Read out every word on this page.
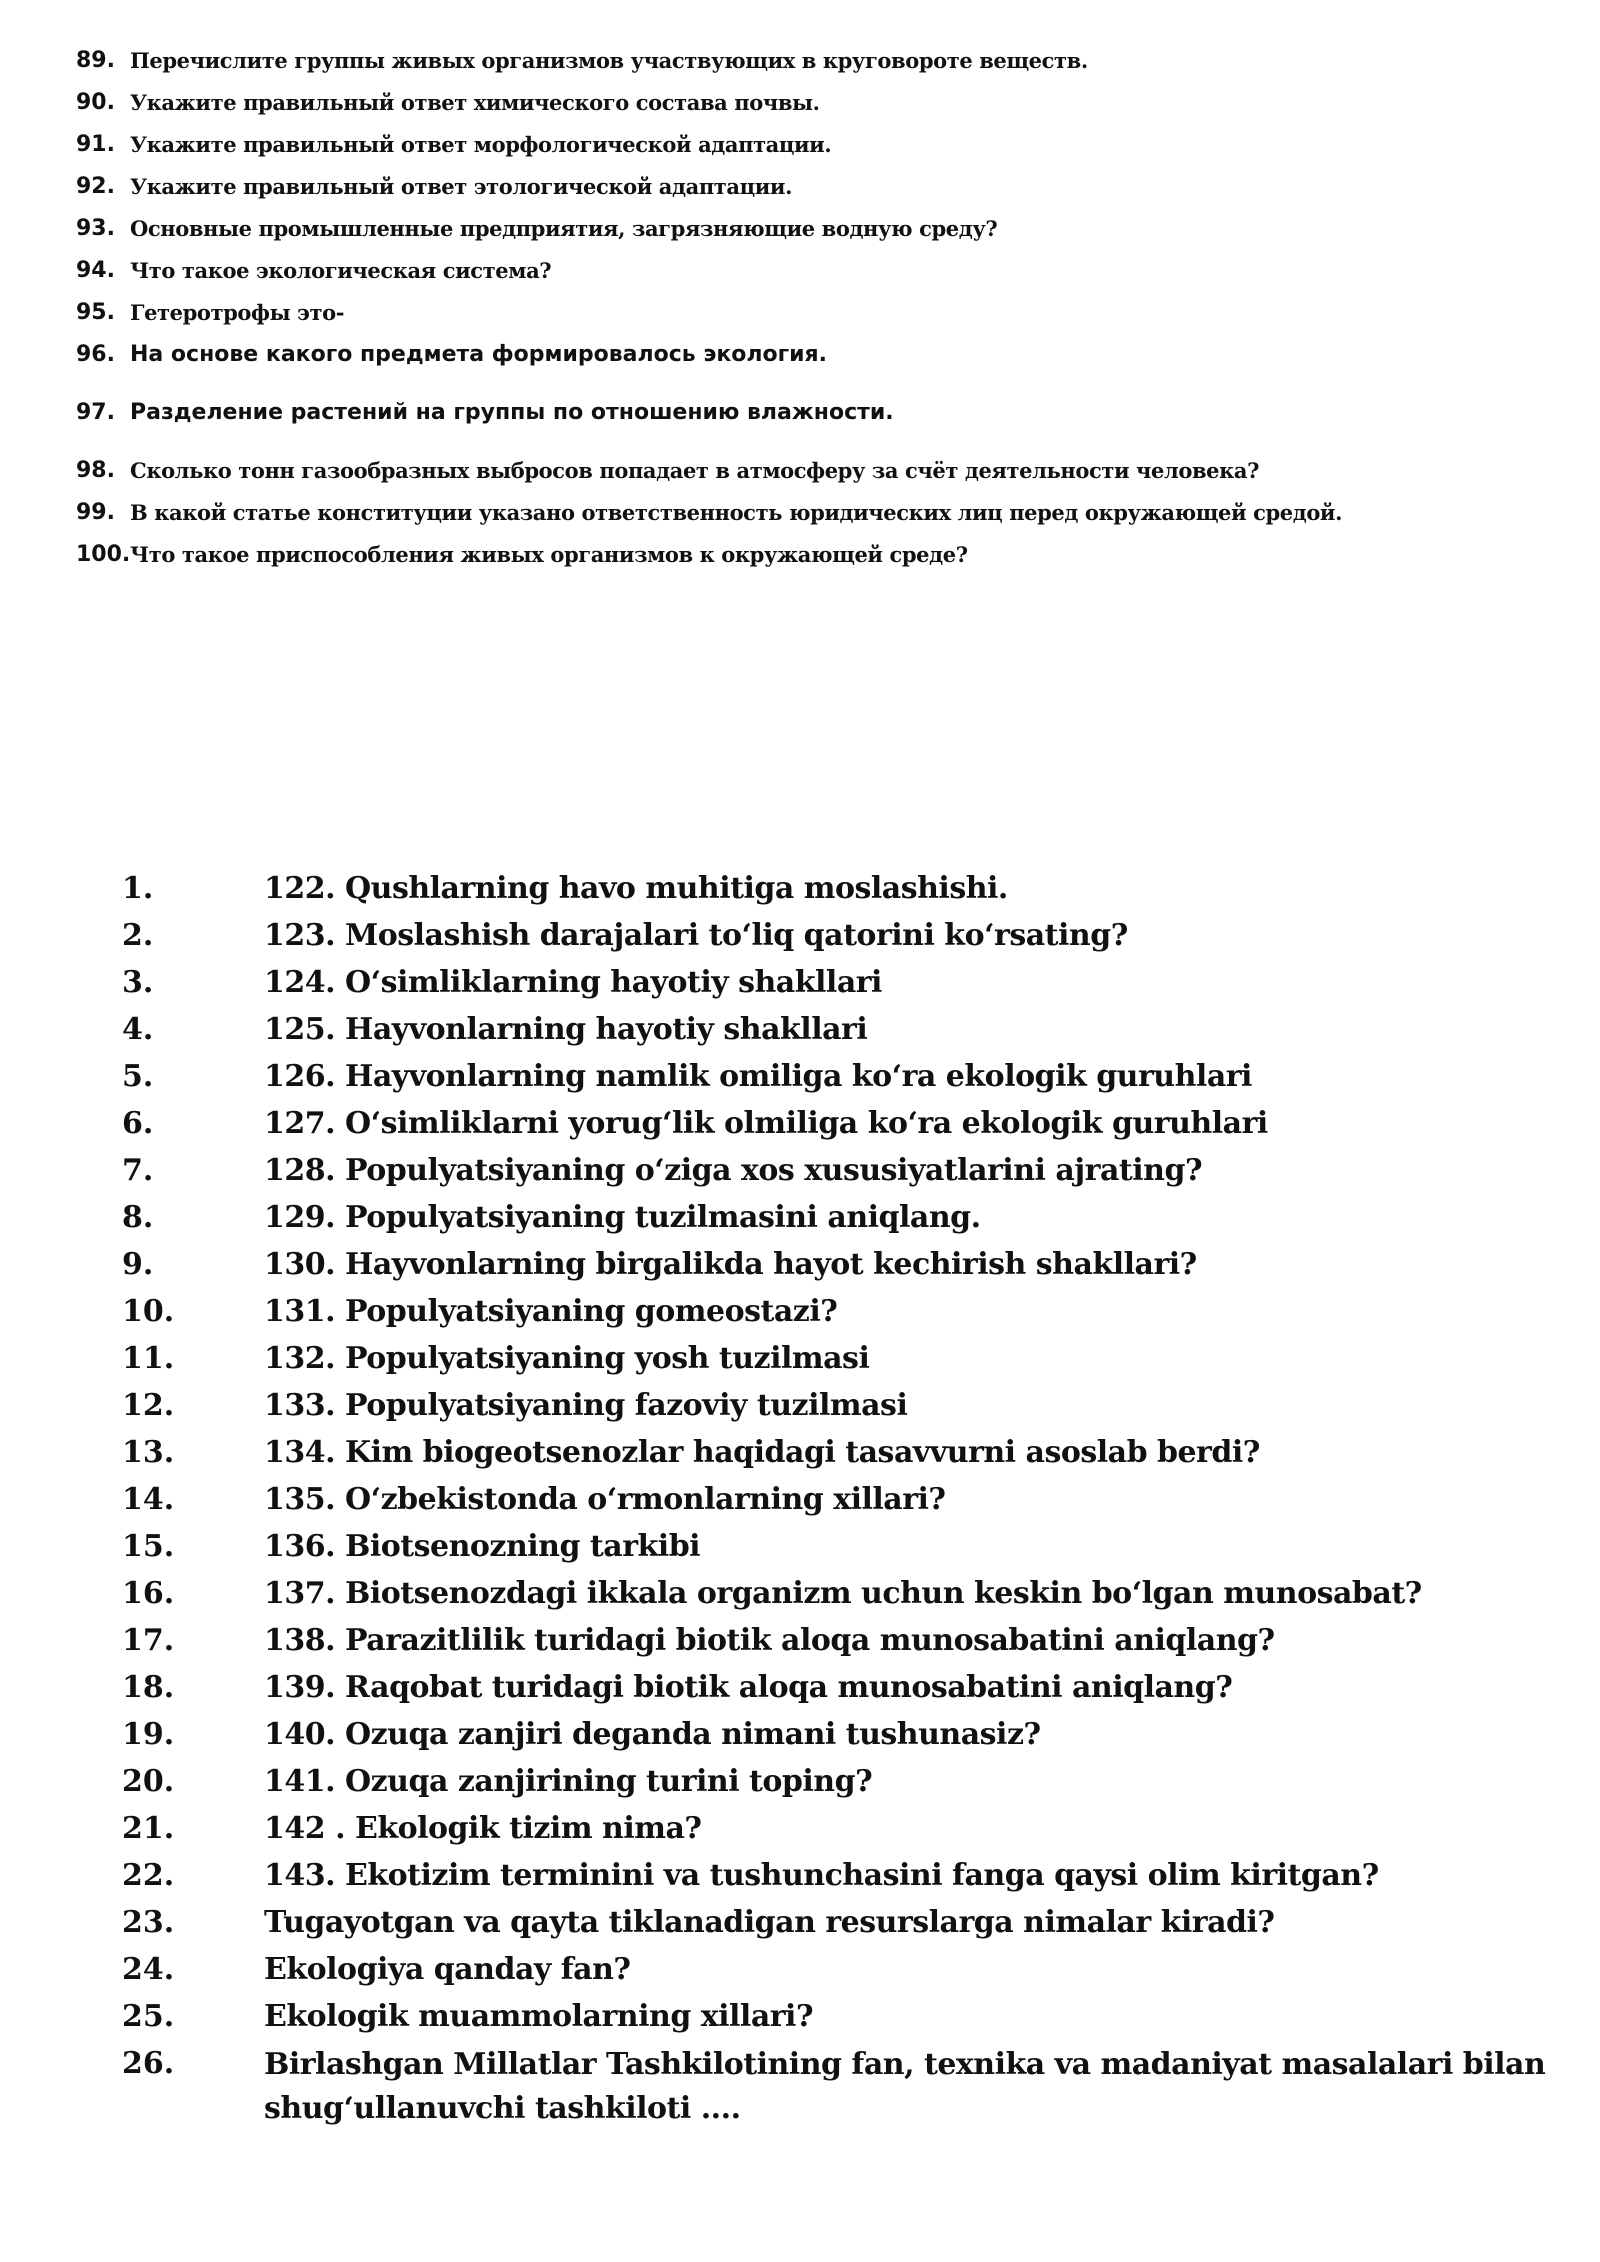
89. Перечислите группы живых организмов участвующих в круговороте веществ.
90. Укажите правильный ответ химического состава почвы.
91. Укажите правильный ответ морфологической адаптации.
92. Укажите правильный ответ этологической адаптации.
93. Основные промышленные предприятия, загрязняющие водную среду?
94. Что такое экологическая система?
95. Гетеротрофы это-
96. На основе какого предмета формировалось экология.
97. Разделение растений на группы по отношению влажности.
98. Сколько тонн газообразных выбросов попадает в атмосферу за счёт деятельности человека?
99. В какой статье конституции указано ответственность юридических лиц перед окружающей средой.
100. Что такое приспособления живых организмов к окружающей среде?
1.	122. Qushlarning havo muhitiga moslashishi.
2.	123. Moslashish darajalari to‘liq qatorini ko‘rsating?
3.	124. O‘simliklarning hayotiy shakllari
4.	125. Hayvonlarning hayotiy shakllari
5.	126. Hayvonlarning namlik omiliga ko‘ra ekologik guruhlari
6.	127. O‘simliklarni yorug‘lik olmiliga ko‘ra ekologik guruhlari
7.	128. Populyatsiyaning o‘ziga xos xususiyatlarini ajrating?
8.	129. Populyatsiyaning tuzilmasini aniqlang.
9.	130. Hayvonlarning birgalikda hayot kechirish shakllari?
10.	131. Populyatsiyaning gomeostazi?
11.	132. Populyatsiyaning yosh tuzilmasi
12.	133. Populyatsiyaning fazoviy tuzilmasi
13.	134. Kim biogeotsenozlar haqidagi tasavvurni asoslab berdi?
14.	135. O‘zbekistonda o‘rmonlarning xillari?
15.	136. Biotsenozning tarkibi
16.	137. Biotsenozdagi ikkala organizm uchun keskin bo‘lgan munosabat?
17.	138. Parazitlilik turidagi biotik aloqa munosabatini aniqlang?
18.	139. Raqobat turidagi biotik aloqa munosabatini aniqlang?
19.	140. Ozuqa zanjiri deganda nimani tushunasiz?
20.	141. Ozuqa zanjirining turini toping?
21.	142 . Ekologik tizim nima?
22.	143. Ekotizim terminini va tushunchasini fanga qaysi olim kiritgan?
23.	Tugayotgan va qayta tiklanadigan resurslarga nimalar kiradi?
24.	Ekologiya qanday fan?
25.	Ekologik muammolarning xillari?
26.	Birlashgan Millatlar Tashkilotining fan, texnika va madaniyat masalalari bilan shug‘ullanuvchi tashkiloti ....
